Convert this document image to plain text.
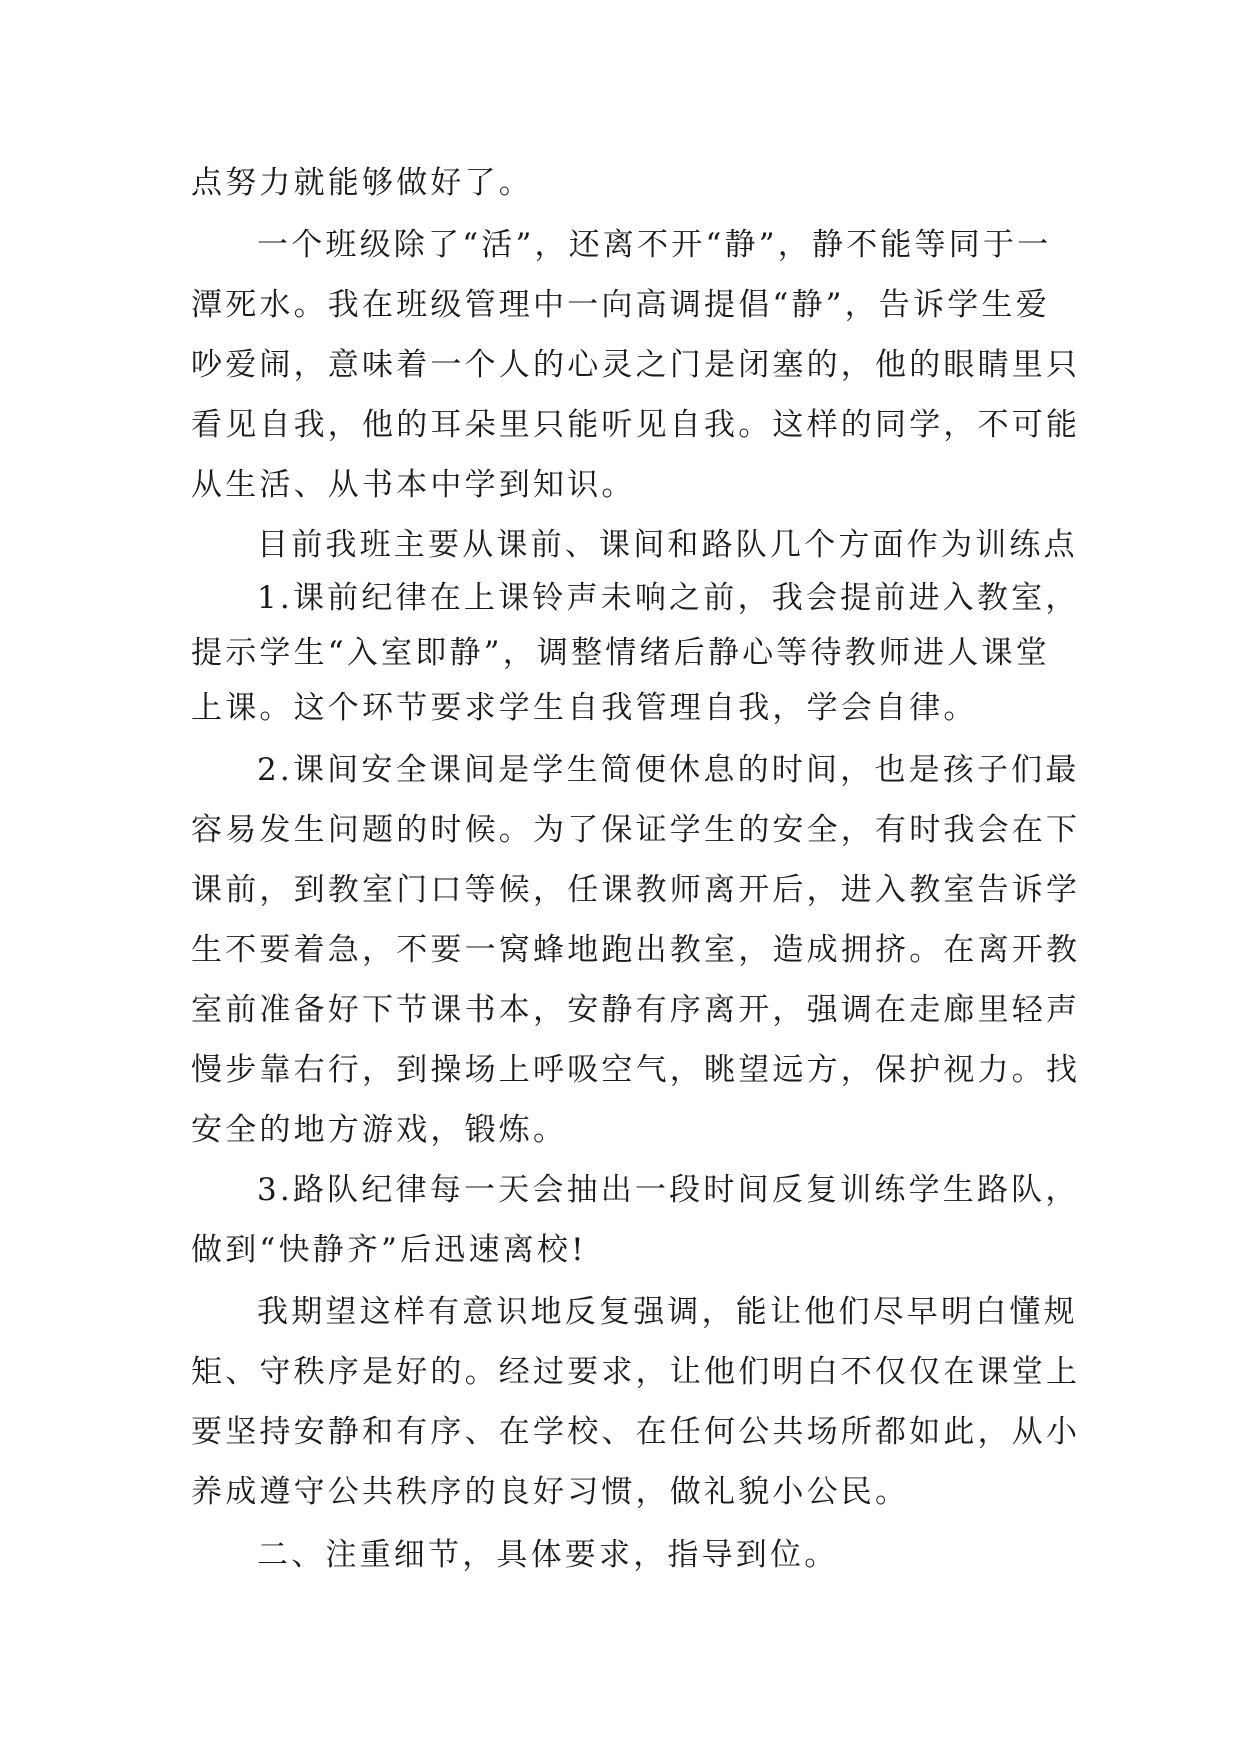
点努力就能够做好了。
一个班级除了“活”，还离不开“静”，静不能等同于一
潭死水。我在班级管理中一向高调提倡“静”，告诉学生爱
吵爱闹，意味着一个人的心灵之门是闭塞的，他的眼睛里只
看见自我，他的耳朵里只能听见自我。这样的同学，不可能
从生活、从书本中学到知识。
目前我班主要从课前、课间和路队几个方面作为训练点
1.课前纪律在上课铃声未响之前，我会提前进入教室，
提示学生“入室即静”，调整情绪后静心等待教师进人课堂
上课。这个环节要求学生自我管理自我，学会自律。
2.课间安全课间是学生简便休息的时间，也是孩子们最
容易发生问题的时候。为了保证学生的安全，有时我会在下
课前，到教室门口等候，任课教师离开后，进入教室告诉学
生不要着急，不要一窝蜂地跑出教室，造成拥挤。在离开教
室前准备好下节课书本，安静有序离开，强调在走廊里轻声
慢步靠右行，到操场上呼吸空气，眺望远方，保护视力。找
安全的地方游戏，锻炼。
3.路队纪律每一天会抽出一段时间反复训练学生路队，
做到“快静齐”后迅速离校!
我期望这样有意识地反复强调，能让他们尽早明白懂规
矩、守秩序是好的。经过要求，让他们明白不仅仅在课堂上
要坚持安静和有序、在学校、在任何公共场所都如此，从小
养成遵守公共秩序的良好习惯，做礼貌小公民。
二、注重细节，具体要求，指导到位。
